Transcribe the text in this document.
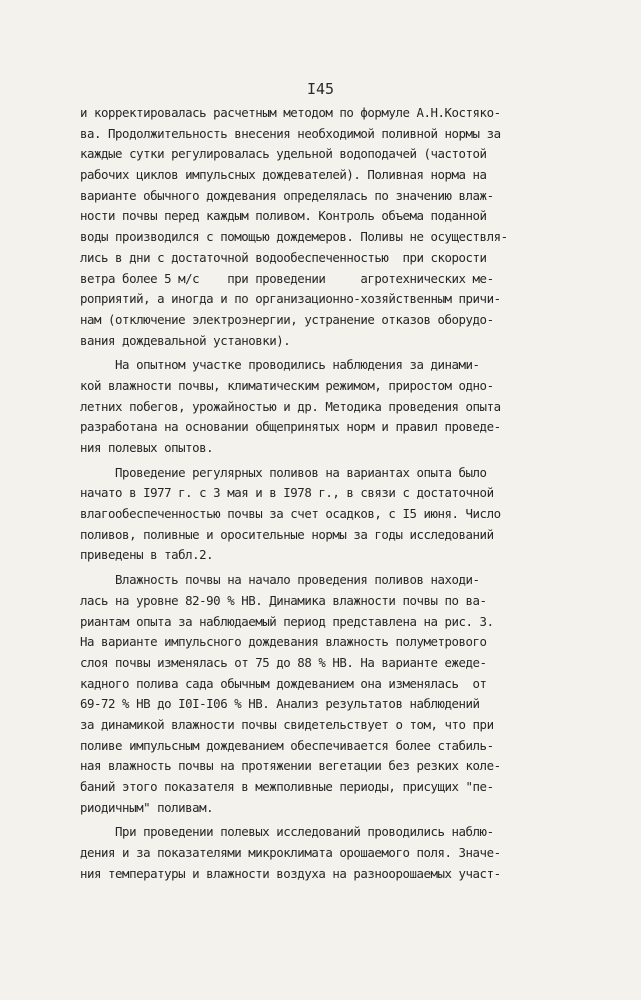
I45
и корректировалась расчетным методом по формуле А.Н.Костяко-
ва. Продолжительность внесения необходимой поливной нормы за
каждые сутки регулировалась удельной водоподачей (частотой
рабочих циклов импульсных дождевателей). Поливная норма на
варианте обычного дождевания определялась по значению влаж-
ности почвы перед каждым поливом. Контроль объема поданной
воды производился с помощью дождемеров. Поливы не осуществля-
лись в дни с достаточной водообеспеченностью  при скорости
ветра более 5 м/с    при проведении     агротехнических ме-
роприятий, а иногда и по организационно-хозяйственным причи-
нам (отключение электроэнергии, устранение отказов оборудо-
вания дождевальной установки).
На опытном участке проводились наблюдения за динами-
кой влажности почвы, климатическим режимом, приростом одно-
летних побегов, урожайностью и др. Методика проведения опыта
разработана на основании общепринятых норм и правил проведе-
ния полевых опытов.
Проведение регулярных поливов на вариантах опыта было
начато в I977 г. с 3 мая и в I978 г., в связи с достаточной
влагообеспеченностью почвы за счет осадков, с I5 июня. Число
поливов, поливные и оросительные нормы за годы исследований
приведены в табл.2.
Влажность почвы на начало проведения поливов находи-
лась на уровне 82-90 % НВ. Динамика влажности почвы по ва-
риантам опыта за наблюдаемый период представлена на рис. 3.
На варианте импульсного дождевания влажность полуметрового
слоя почвы изменялась от 75 до 88 % НВ. На варианте ежеде-
кадного полива сада обычным дождеванием она изменялась  от
69-72 % НВ до I0I-I06 % НВ. Анализ результатов наблюдений
за динамикой влажности почвы свидетельствует о том, что при
поливе импульсным дождеванием обеспечивается более стабиль-
ная влажность почвы на протяжении вегетации без резких коле-
баний этого показателя в межполивные периоды, присущих "пе-
риодичным" поливам.
При проведении полевых исследований проводились наблю-
дения и за показателями микроклимата орошаемого поля. Значе-
ния температуры и влажности воздуха на разноорошаемых участ-
